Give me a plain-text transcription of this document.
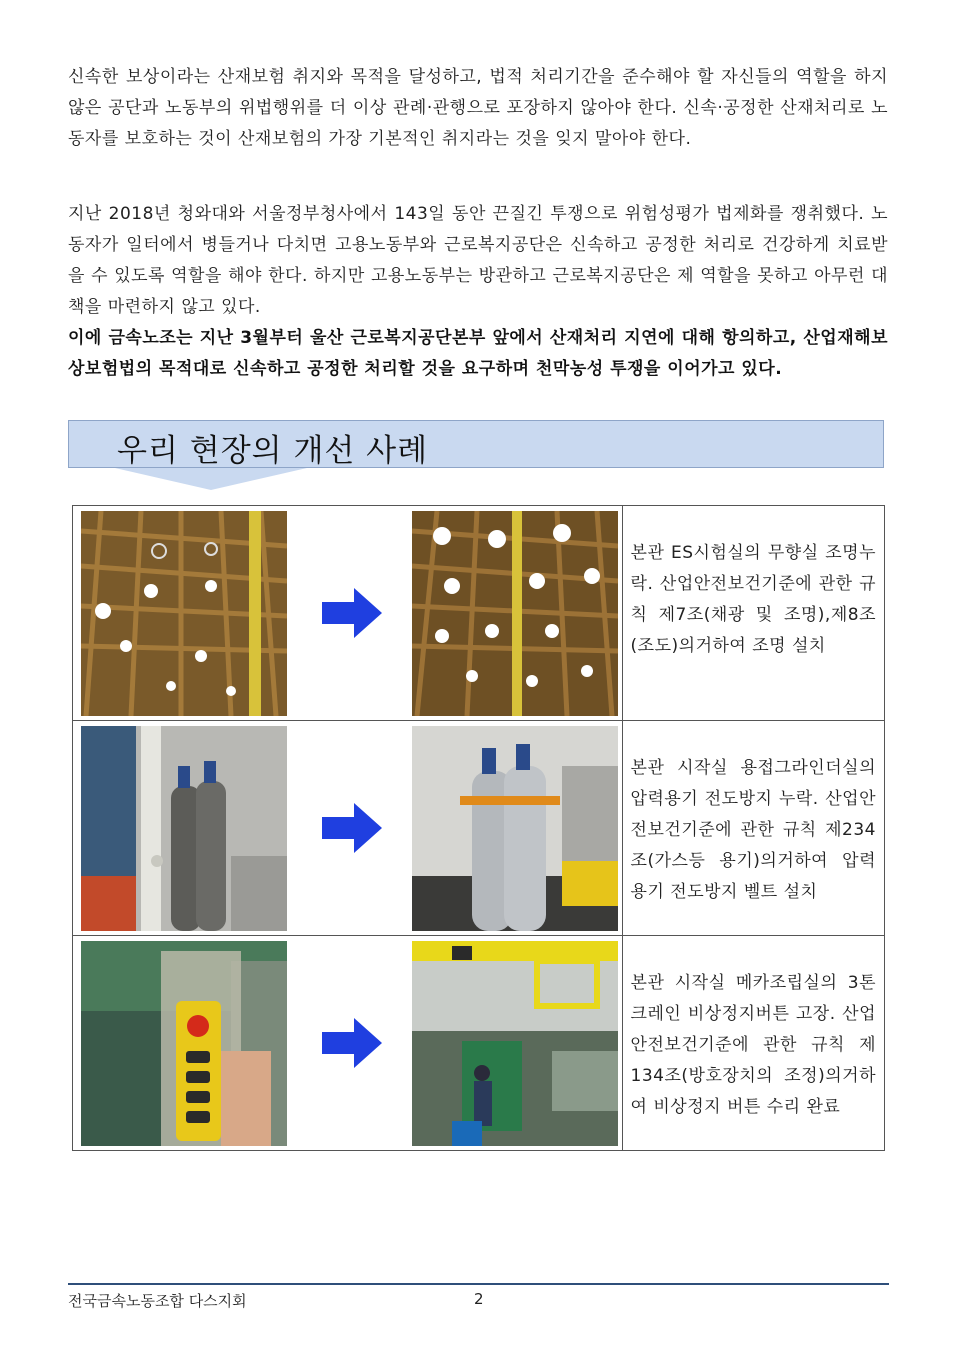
신속한 보상이라는 산재보험 취지와 목적을 달성하고, 법적 처리기간을 준수해야 할 자신들의 역할을 하지 않은 공단과 노동부의 위법행위를 더 이상 관례·관행으로 포장하지 않아야 한다. 신속·공정한 산재처리로 노동자를 보호하는 것이 산재보험의 가장 기본적인 취지라는 것을 잊지 말아야 한다.
지난 2018년 청와대와 서울정부청사에서 143일 동안 끈질긴 투쟁으로 위험성평가 법제화를 쟁취했다. 노동자가 일터에서 병들거나 다치면 고용노동부와 근로복지공단은 신속하고 공정한 처리로 건강하게 치료받을 수 있도록 역할을 해야 한다. 하지만 고용노동부는 방관하고 근로복지공단은 제 역할을 못하고 아무런 대책을 마련하지 않고 있다.
이에 금속노조는 지난 3월부터 울산 근로복지공단본부 앞에서 산재처리 지연에 대해 항의하고, 산업재해보상보험법의 목적대로 신속하고 공정한 처리할 것을 요구하며 천막농성 투쟁을 이어가고 있다.
우리 현장의 개선 사례

본관 ES시험실의 무향실 조명누락. 산업안전보건기준에 관한 규칙 제7조(채광 및 조명),제8조(조도)의거하여 조명 설치

본관 시작실 용접그라인더실의 압력용기 전도방지 누락. 산업안전보건기준에 관한 규칙 제234조(가스등 용기)의거하여 압력용기 전도방지 벨트 설치

본관 시작실 메카조립실의 3톤 크레인 비상정지버튼 고장. 산업안전보건기준에 관한 규칙 제134조(방호장치의 조정)의거하여 비상정지 버튼 수리 완료
전국금속노동조합 다스지회	2
